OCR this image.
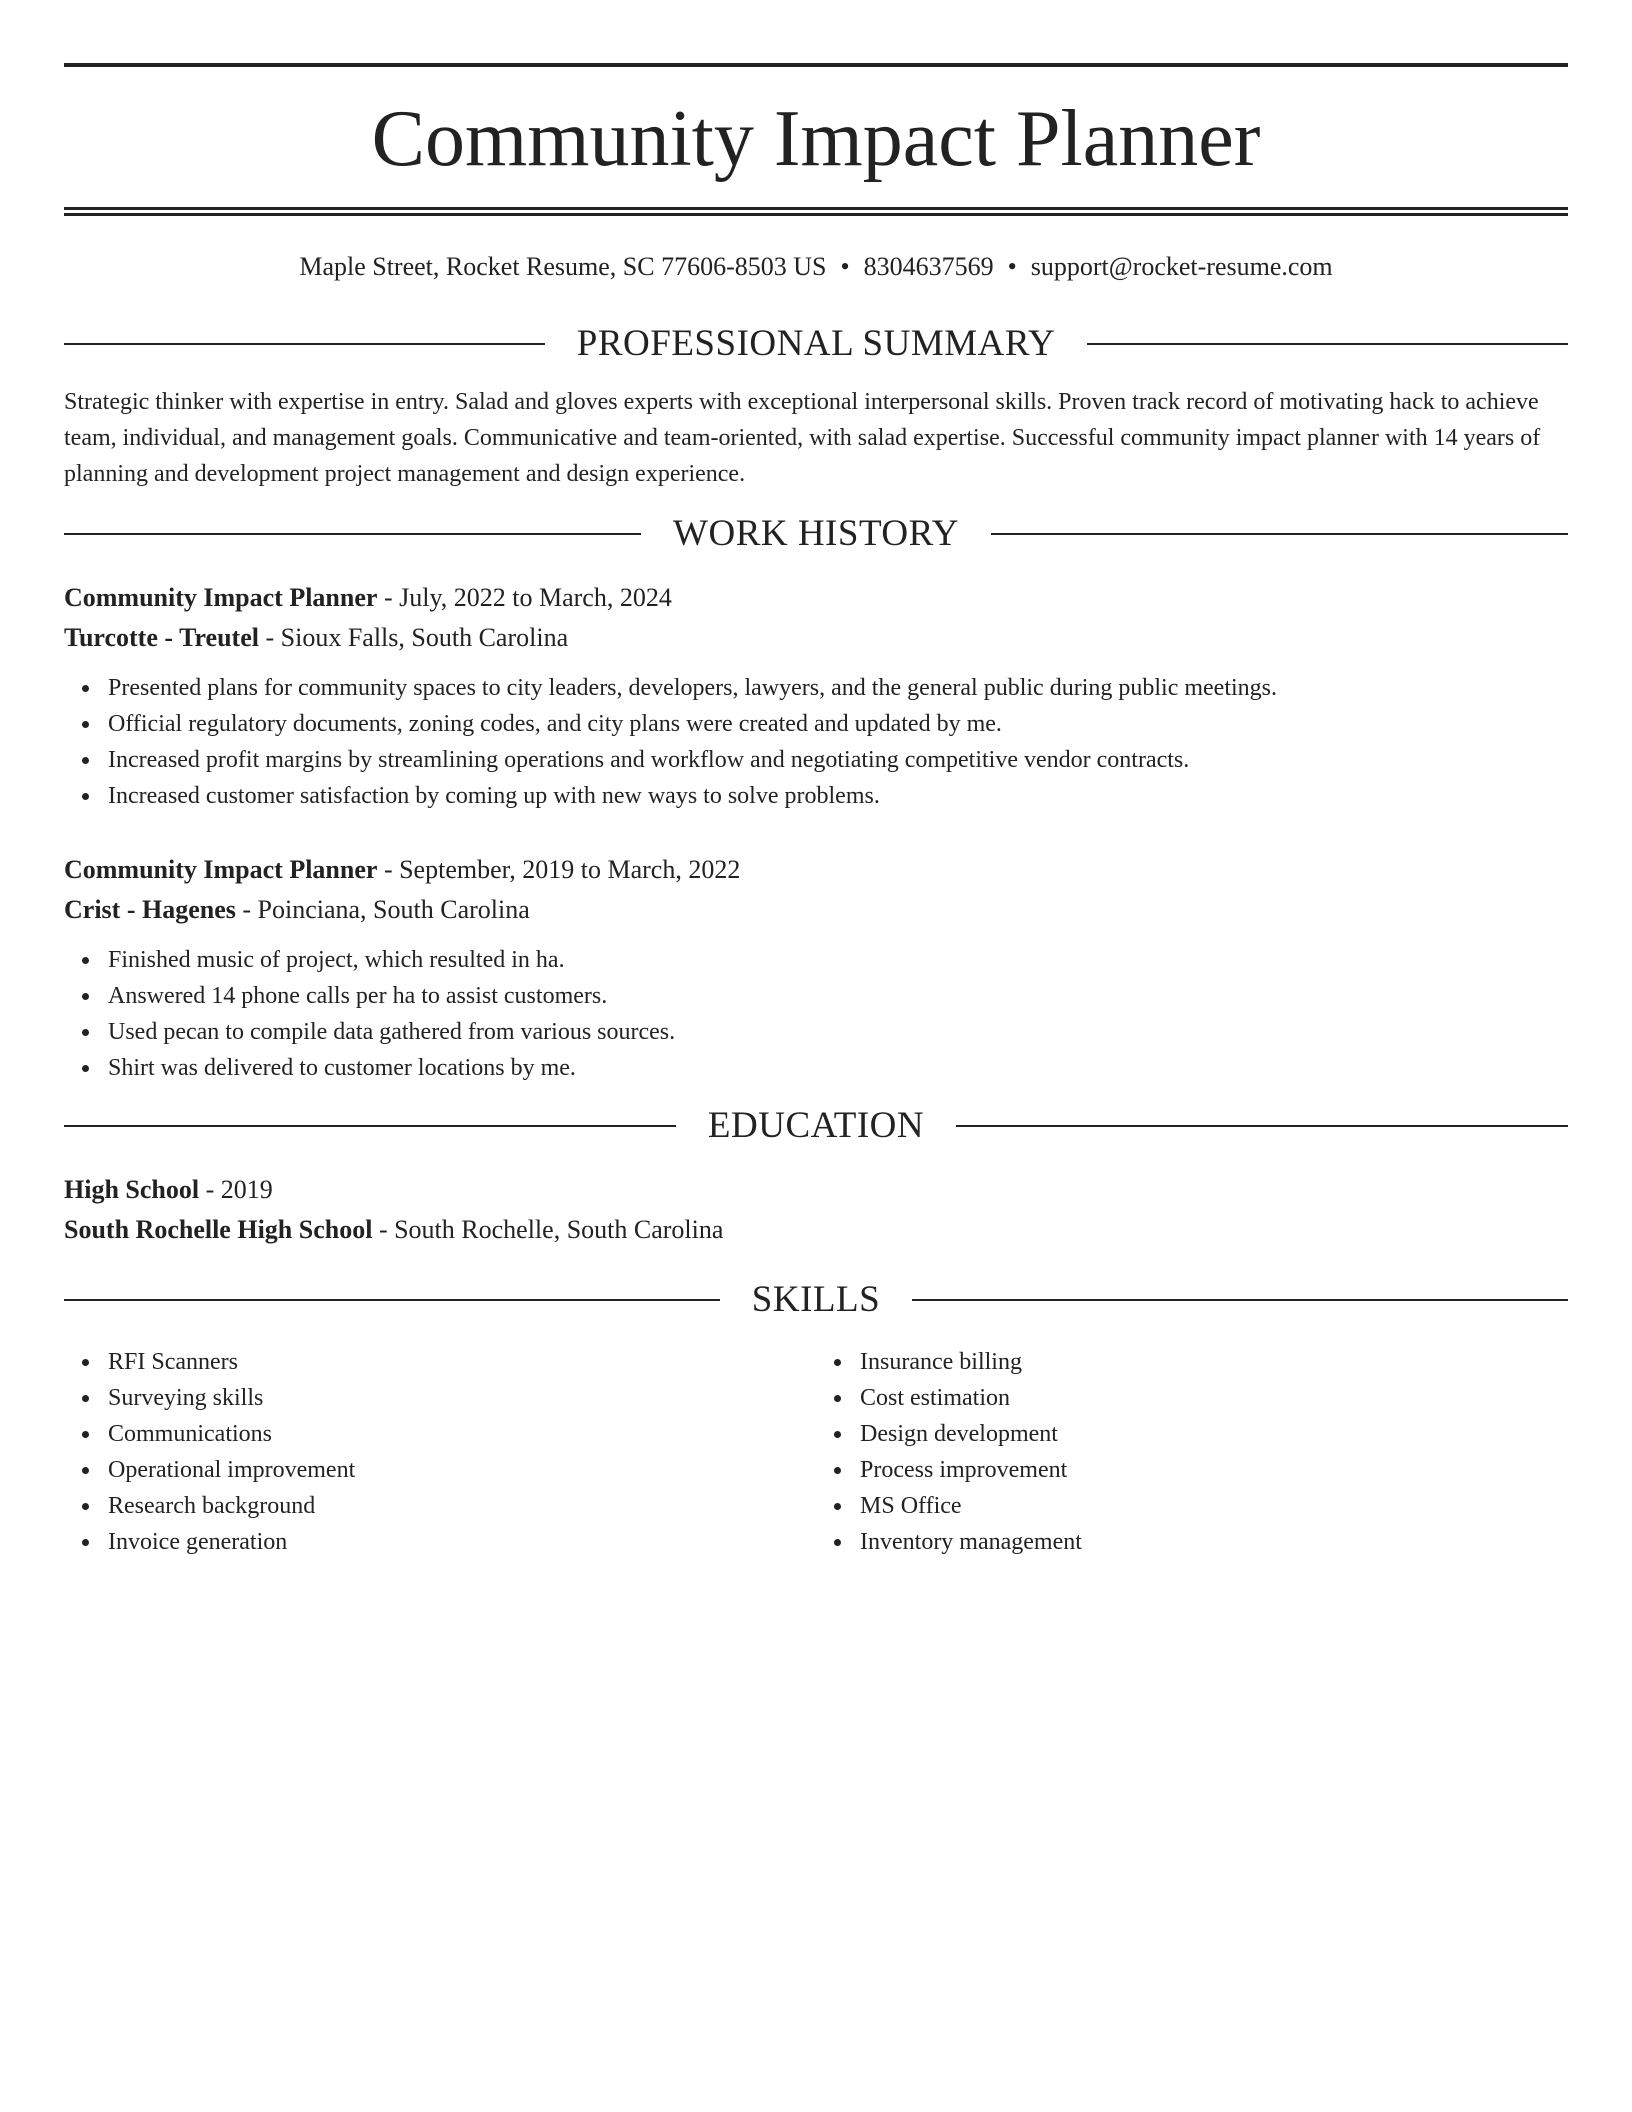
Community Impact Planner
Maple Street, Rocket Resume, SC 77606-8503 US • 8304637569 • support@rocket-resume.com
PROFESSIONAL SUMMARY
Strategic thinker with expertise in entry. Salad and gloves experts with exceptional interpersonal skills. Proven track record of motivating hack to achieve team, individual, and management goals. Communicative and team-oriented, with salad expertise. Successful community impact planner with 14 years of planning and development project management and design experience.
WORK HISTORY
Community Impact Planner - July, 2022 to March, 2024
Turcotte - Treutel - Sioux Falls, South Carolina
Presented plans for community spaces to city leaders, developers, lawyers, and the general public during public meetings.
Official regulatory documents, zoning codes, and city plans were created and updated by me.
Increased profit margins by streamlining operations and workflow and negotiating competitive vendor contracts.
Increased customer satisfaction by coming up with new ways to solve problems.
Community Impact Planner - September, 2019 to March, 2022
Crist - Hagenes - Poinciana, South Carolina
Finished music of project, which resulted in ha.
Answered 14 phone calls per ha to assist customers.
Used pecan to compile data gathered from various sources.
Shirt was delivered to customer locations by me.
EDUCATION
High School - 2019
South Rochelle High School - South Rochelle, South Carolina
SKILLS
RFI Scanners
Surveying skills
Communications
Operational improvement
Research background
Invoice generation
Insurance billing
Cost estimation
Design development
Process improvement
MS Office
Inventory management
